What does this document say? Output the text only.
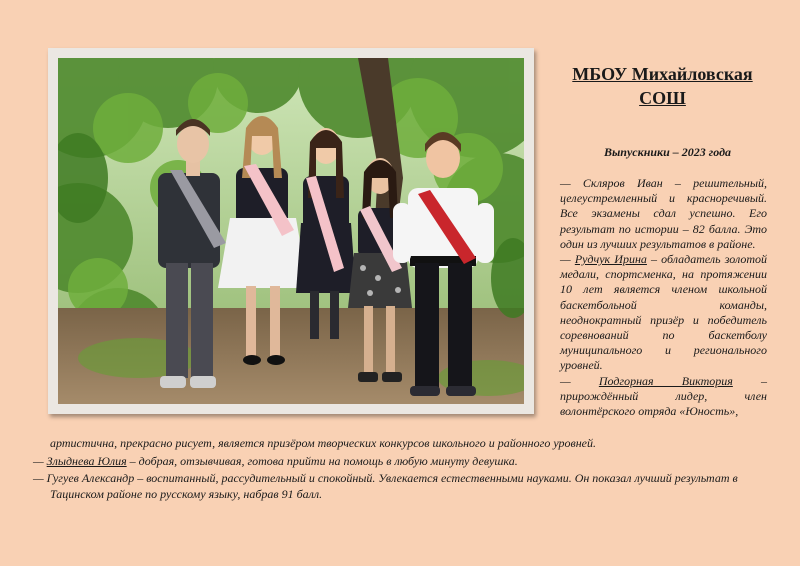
МБОУ Михайловская СОШ
Выпускники – 2023 года

— Скляров Иван – решительный, целеустремленный и красноречивый. Все экзамены сдал успешно. Его результат по истории – 82 балла. Это один из лучших результатов в районе.

— Рудчук Ирина – обладатель золотой медали, спортсменка, на протяжении 10 лет является членом школьной баскетбольной команды, неоднократный призёр и победитель соревнований по баскетболу муниципального и регионального уровней.

— Подгорная Виктория – прирождённый лидер, член волонтёрского отряда «Юность»,

артистична, прекрасно рисует, является призёром творческих конкурсов школьного и районного уровней.

— Злыднева Юлия – добрая, отзывчивая, готова прийти на помощь в любую минуту девушка.

— Гугуев Александр – воспитанный, рассудительный и спокойный. Увлекается естественными науками. Он показал лучший результат в Тацинском районе по русскому языку, набрав 91 балл.
